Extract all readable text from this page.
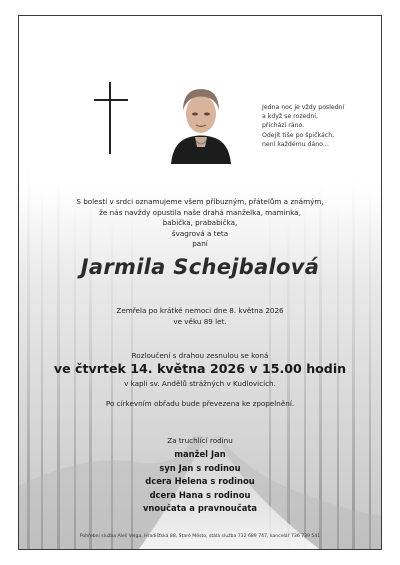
Jedna noc je vždy poslední
a když se rozední,
přichází ráno.
Odejít tiše po špičkách,
není každému dáno…
S bolestí v srdci oznamujeme všem příbuzným, přátelům a známým,
že nás navždy opustila naše drahá manželka, maminka,
babička, prababička,
švagrová a teta
paní
Jarmila Schejbalová
Zemřela po krátké nemoci dne 8. května 2026
ve věku 89 let.
Rozloučení s drahou zesnulou se koná
ve čtvrtek 14. května 2026 v 15.00 hodin
v kapli sv. Andělů strážných v Kudlovicích.
Po církevním obřadu bude převezena ke zpopelnění.
Za truchlící rodinu
manžel Jan
syn Jan s rodinou
dcera Helena s rodinou
dcera Hana s rodinou
vnoučata a pravnoučata
Pohřební služba Aleš Velga, Hradišťská 88, Staré Město, stálá služba 732 689 747, kancelář 736 739 541
